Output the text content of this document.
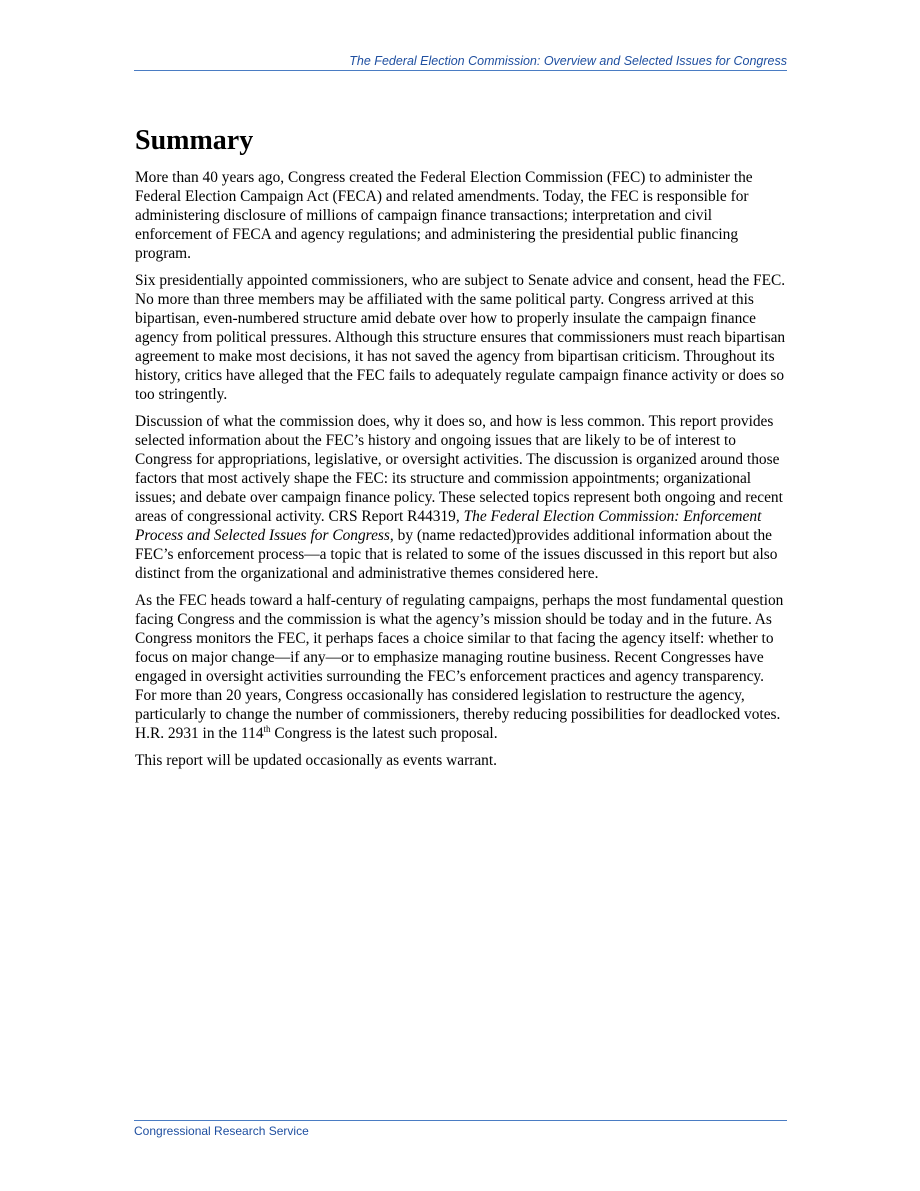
The Federal Election Commission: Overview and Selected Issues for Congress
Summary

More than 40 years ago, Congress created the Federal Election Commission (FEC) to administer the Federal Election Campaign Act (FECA) and related amendments. Today, the FEC is responsible for administering disclosure of millions of campaign finance transactions; interpretation and civil enforcement of FECA and agency regulations; and administering the presidential public financing program.

Six presidentially appointed commissioners, who are subject to Senate advice and consent, head the FEC. No more than three members may be affiliated with the same political party. Congress arrived at this bipartisan, even-numbered structure amid debate over how to properly insulate the campaign finance agency from political pressures. Although this structure ensures that commissioners must reach bipartisan agreement to make most decisions, it has not saved the agency from bipartisan criticism. Throughout its history, critics have alleged that the FEC fails to adequately regulate campaign finance activity or does so too stringently.

Discussion of what the commission does, why it does so, and how is less common. This report provides selected information about the FEC’s history and ongoing issues that are likely to be of interest to Congress for appropriations, legislative, or oversight activities. The discussion is organized around those factors that most actively shape the FEC: its structure and commission appointments; organizational issues; and debate over campaign finance policy. These selected topics represent both ongoing and recent areas of congressional activity. CRS Report R44319, The Federal Election Commission: Enforcement Process and Selected Issues for Congress, by (name redacted)provides additional information about the FEC’s enforcement process—a topic that is related to some of the issues discussed in this report but also distinct from the organizational and administrative themes considered here.

As the FEC heads toward a half-century of regulating campaigns, perhaps the most fundamental question facing Congress and the commission is what the agency’s mission should be today and in the future. As Congress monitors the FEC, it perhaps faces a choice similar to that facing the agency itself: whether to focus on major change—if any—or to emphasize managing routine business. Recent Congresses have engaged in oversight activities surrounding the FEC’s enforcement practices and agency transparency. For more than 20 years, Congress occasionally has considered legislation to restructure the agency, particularly to change the number of commissioners, thereby reducing possibilities for deadlocked votes. H.R. 2931 in the 114th Congress is the latest such proposal.

This report will be updated occasionally as events warrant.

Congressional Research Service
